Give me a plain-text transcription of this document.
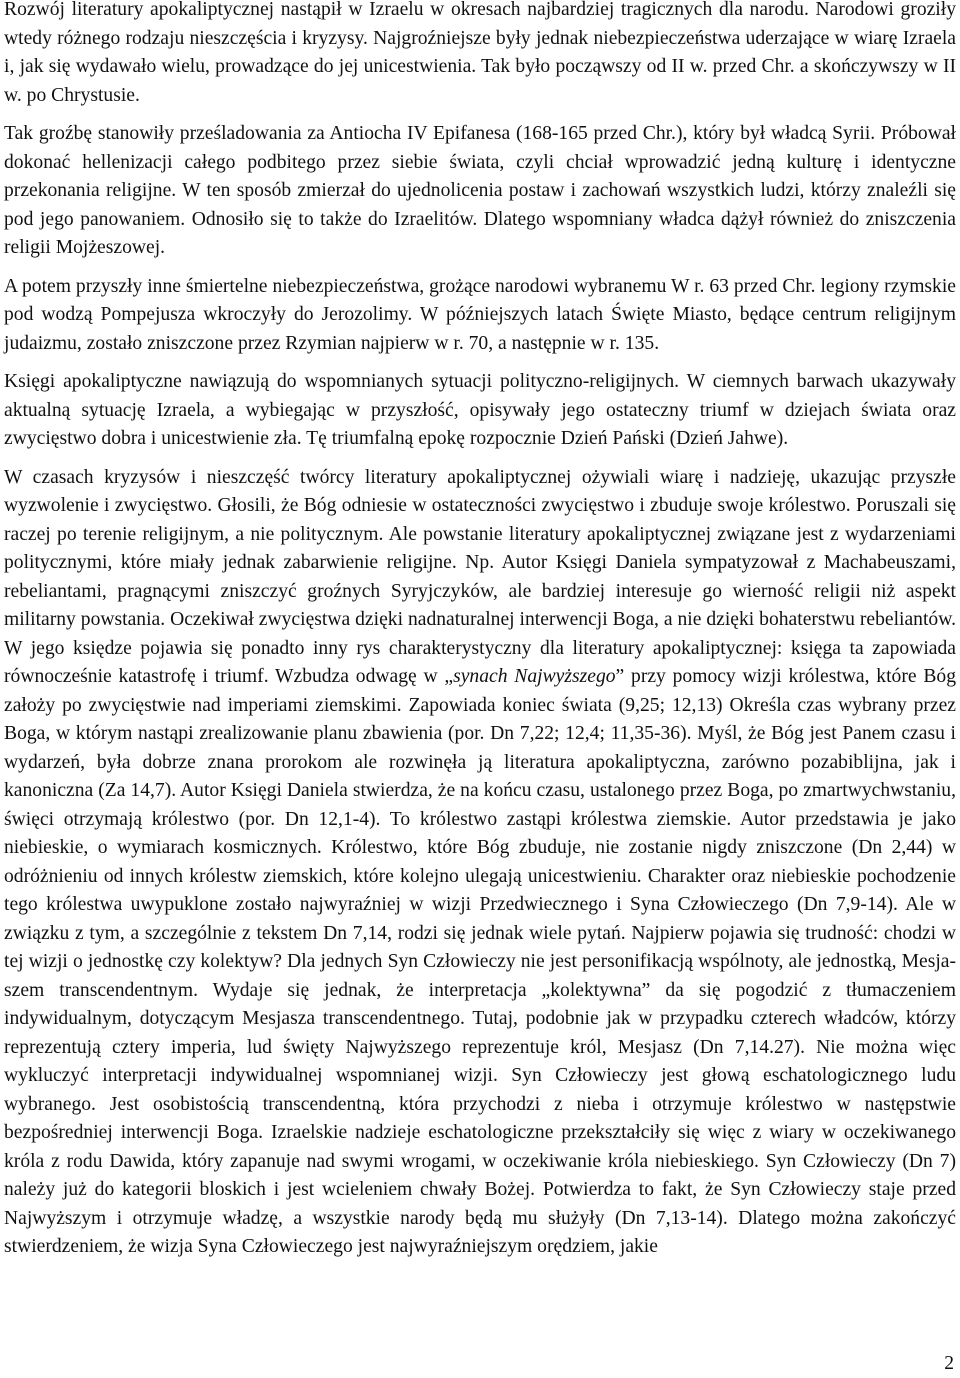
Rozwój literatury apokaliptycznej nastąpił w Izraelu w okresach najbardziej tragicznych dla narodu. Narodowi groziły wtedy różnego rodzaju nieszczęścia i kryzysy. Najgroźniejsze były jednak niebezpieczeństwa uderzające w wiarę Izraela i, jak się wydawało wielu, prowadzące do jej unicestwienia. Tak było począwszy od II w. przed Chr. a skończywszy w II w. po Chrystusie.

Tak groźbę stanowiły prześladowania za Antiocha IV Epifanesa (168-165 przed Chr.), który był władcą Syrii. Próbował dokonać hellenizacji całego podbitego przez siebie świata, czyli chciał wprowadzić jedną kulturę i identyczne przekonania religijne. W ten sposób zmierzał do ujednolicenia postaw i zachowań wszystkich ludzi, którzy znaleźli się pod jego panowaniem. Odnosiło się to także do Izraelitów. Dlatego wspomniany władca dążył również do zniszczenia religii Mojżeszowej.

A potem przyszły inne śmiertelne niebezpieczeństwa, grożące narodowi wybranemu W r. 63 przed Chr. legiony rzymskie pod wodzą Pompejusza wkroczyły do Jerozolimy. W późniejszych latach Święte Miasto, będące centrum religijnym judaizmu, zostało zniszczone przez Rzymian najpierw w r. 70, a następnie w r. 135.

Księgi apokaliptyczne nawiązują do wspomnianych sytuacji polityczno-religijnych. W ciemnych barwach ukazywały aktualną sytuację Izraela, a wybiegając w przyszłość, opisywały jego ostateczny triumf w dziejach świata oraz zwycięstwo dobra i unicestwienie zła. Tę triumfalną epokę rozpocznie Dzień Pański (Dzień Jahwe).

W czasach kryzysów i nieszczęść twórcy literatury apokaliptycznej ożywiali wiarę i nadzieję, ukazując przyszłe wyzwolenie i zwycięstwo. Głosili, że Bóg odniesie w ostateczności zwycięstwo i zbuduje swoje królestwo. Poruszali się raczej po terenie religijnym, a nie politycznym. Ale powstanie literatury apokaliptycznej związane jest z wydarzeniami politycznymi, które miały jednak zabarwienie religijne. Np. Autor Księgi Daniela sympatyzował z Machabeuszami, rebeliantami, pragnącymi zniszczyć groźnych Syryjczyków, ale bardziej interesuje go wierność religii niż aspekt militarny powstania. Oczekiwał zwycięstwa dzięki nadnaturalnej interwencji Boga, a nie dzięki bohaterstwu rebeliantów. W jego księdze pojawia się ponadto inny rys charakterystyczny dla literatury apokaliptycznej: księga ta zapowiada równocześnie katastrofę i triumf. Wzbudza odwagę w „synach Najwyższego” przy pomocy wizji królestwa, które Bóg założy po zwycięstwie nad imperiami ziemskimi. Zapowiada koniec świata (9,25; 12,13) Określa czas wybrany przez Boga, w którym nastąpi zrealizowanie planu zbawienia (por. Dn 7,22; 12,4; 11,35-36). Myśl, że Bóg jest Panem czasu i wydarzeń, była dobrze znana prorokom ale rozwinęła ją literatura apokaliptyczna, zarówno pozabiblijna, jak i kanoniczna (Za 14,7). Autor Księgi Daniela stwierdza, że na końcu czasu, ustalonego przez Boga, po zmartwychwstaniu, święci otrzymają królestwo (por. Dn 12,1-4). To królestwo zastąpi królestwa ziemskie. Autor przedstawia je jako niebieskie, o wymiarach kosmicznych. Królestwo, które Bóg zbuduje, nie zostanie nigdy zniszczone (Dn 2,44) w odróżnieniu od innych królestw ziemskich, które kolejno ulegają unicestwieniu. Charakter oraz niebieskie pochodzenie tego królestwa uwypuklone zostało najwyraźniej w wizji Przedwiecznego i Syna Człowieczego (Dn 7,9-14). Ale w związku z tym, a szczególnie z tekstem Dn 7,14, rodzi się jednak wiele pytań. Najpierw pojawia się trudność: chodzi w tej wizji o jednostkę czy kolektyw? Dla jednych Syn Człowieczy nie jest personifikacją wspólnoty, ale jednostką, Mesjaszem transcendentnym. Wydaje się jednak, że interpretacja „kolektywna” da się pogodzić z tłumaczeniem indywidualnym, dotyczącym Mesjasza transcendentnego. Tutaj, podobnie jak w przypadku czterech władców, którzy reprezentują cztery imperia, lud święty Najwyższego reprezentuje król, Mesjasz (Dn 7,14.27). Nie można więc wykluczyć interpretacji indywidualnej wspomnianej wizji. Syn Człowieczy jest głową eschatologicznego ludu wybranego. Jest osobistością transcendentną, która przychodzi z nieba i otrzymuje królestwo w następstwie bezpośredniej interwencji Boga. Izraelskie nadzieje eschatologiczne przekształciły się więc z wiary w oczekiwanego króla z rodu Dawida, który zapanuje nad swymi wrogami, w oczekiwanie króla niebieskiego. Syn Człowieczy (Dn 7) należy już do kategorii bloskich i jest wcieleniem chwały Bożej. Potwierdza to fakt, że Syn Człowieczy staje przed Najwyższym i otrzymuje władzę, a wszystkie narody będą mu służyły (Dn 7,13-14). Dlatego można zakończyć stwierdzeniem, że wizja Syna Człowieczego jest najwyraźniejszym orędziem, jakie

2
